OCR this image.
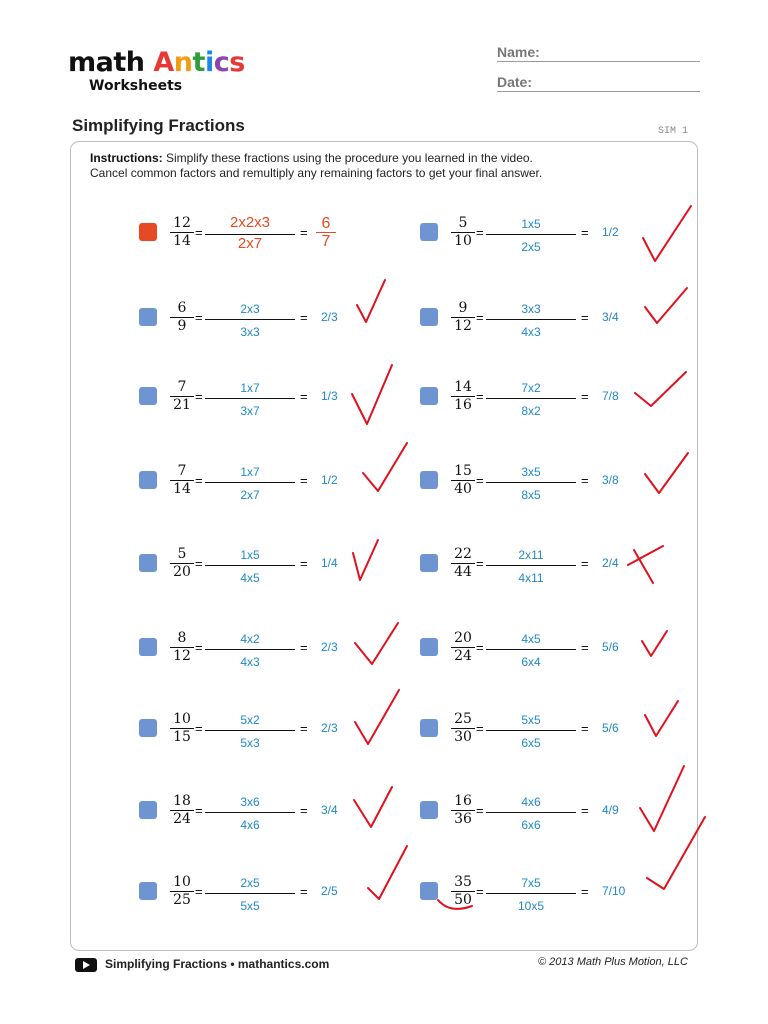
math Antics
Worksheets
Name:
Date:
Simplifying Fractions	SIM 1
Instructions: Simplify these fractions using the procedure you learned in the video.
Cancel common factors and remultiply any remaining factors to get your final answer.
$\frac{12}{14}$ =
2x2x3
2x7
= $\frac{6}{7}$	$\frac{5}{10}$ =
1x5
2x5
= 1/2
$\frac{6}{9}$ =
2x3
3x3
= 2/3	$\frac{9}{12}$ =
3x3
4x3
= 3/4
$\frac{7}{21}$ =
1x7
3x7
= 1/3	$\frac{14}{16}$ =
7x2
8x2
= 7/8
$\frac{7}{14}$ =
1x7
2x7
= 1/2	$\frac{15}{40}$ =
3x5
8x5
= 3/8
$\frac{5}{20}$ =
1x5
4x5
= 1/4	$\frac{22}{44}$ =
2x11
4x11
= 2/4
$\frac{8}{12}$ =
4x2
4x3
= 2/3	$\frac{20}{24}$ =
4x5
6x4
= 5/6
$\frac{10}{15}$ =
5x2
5x3
= 2/3	$\frac{25}{30}$ =
5x5
6x5
= 5/6
$\frac{18}{24}$ =
3x6
4x6
= 3/4	$\frac{16}{36}$ =
4x6
6x6
= 4/9
$\frac{10}{25}$ =
2x5
5x5
= 2/5	$\frac{35}{50}$ =
7x5
10x5
= 7/10
Simplifying Fractions • mathantics.com	© 2013 Math Plus Motion, LLC
